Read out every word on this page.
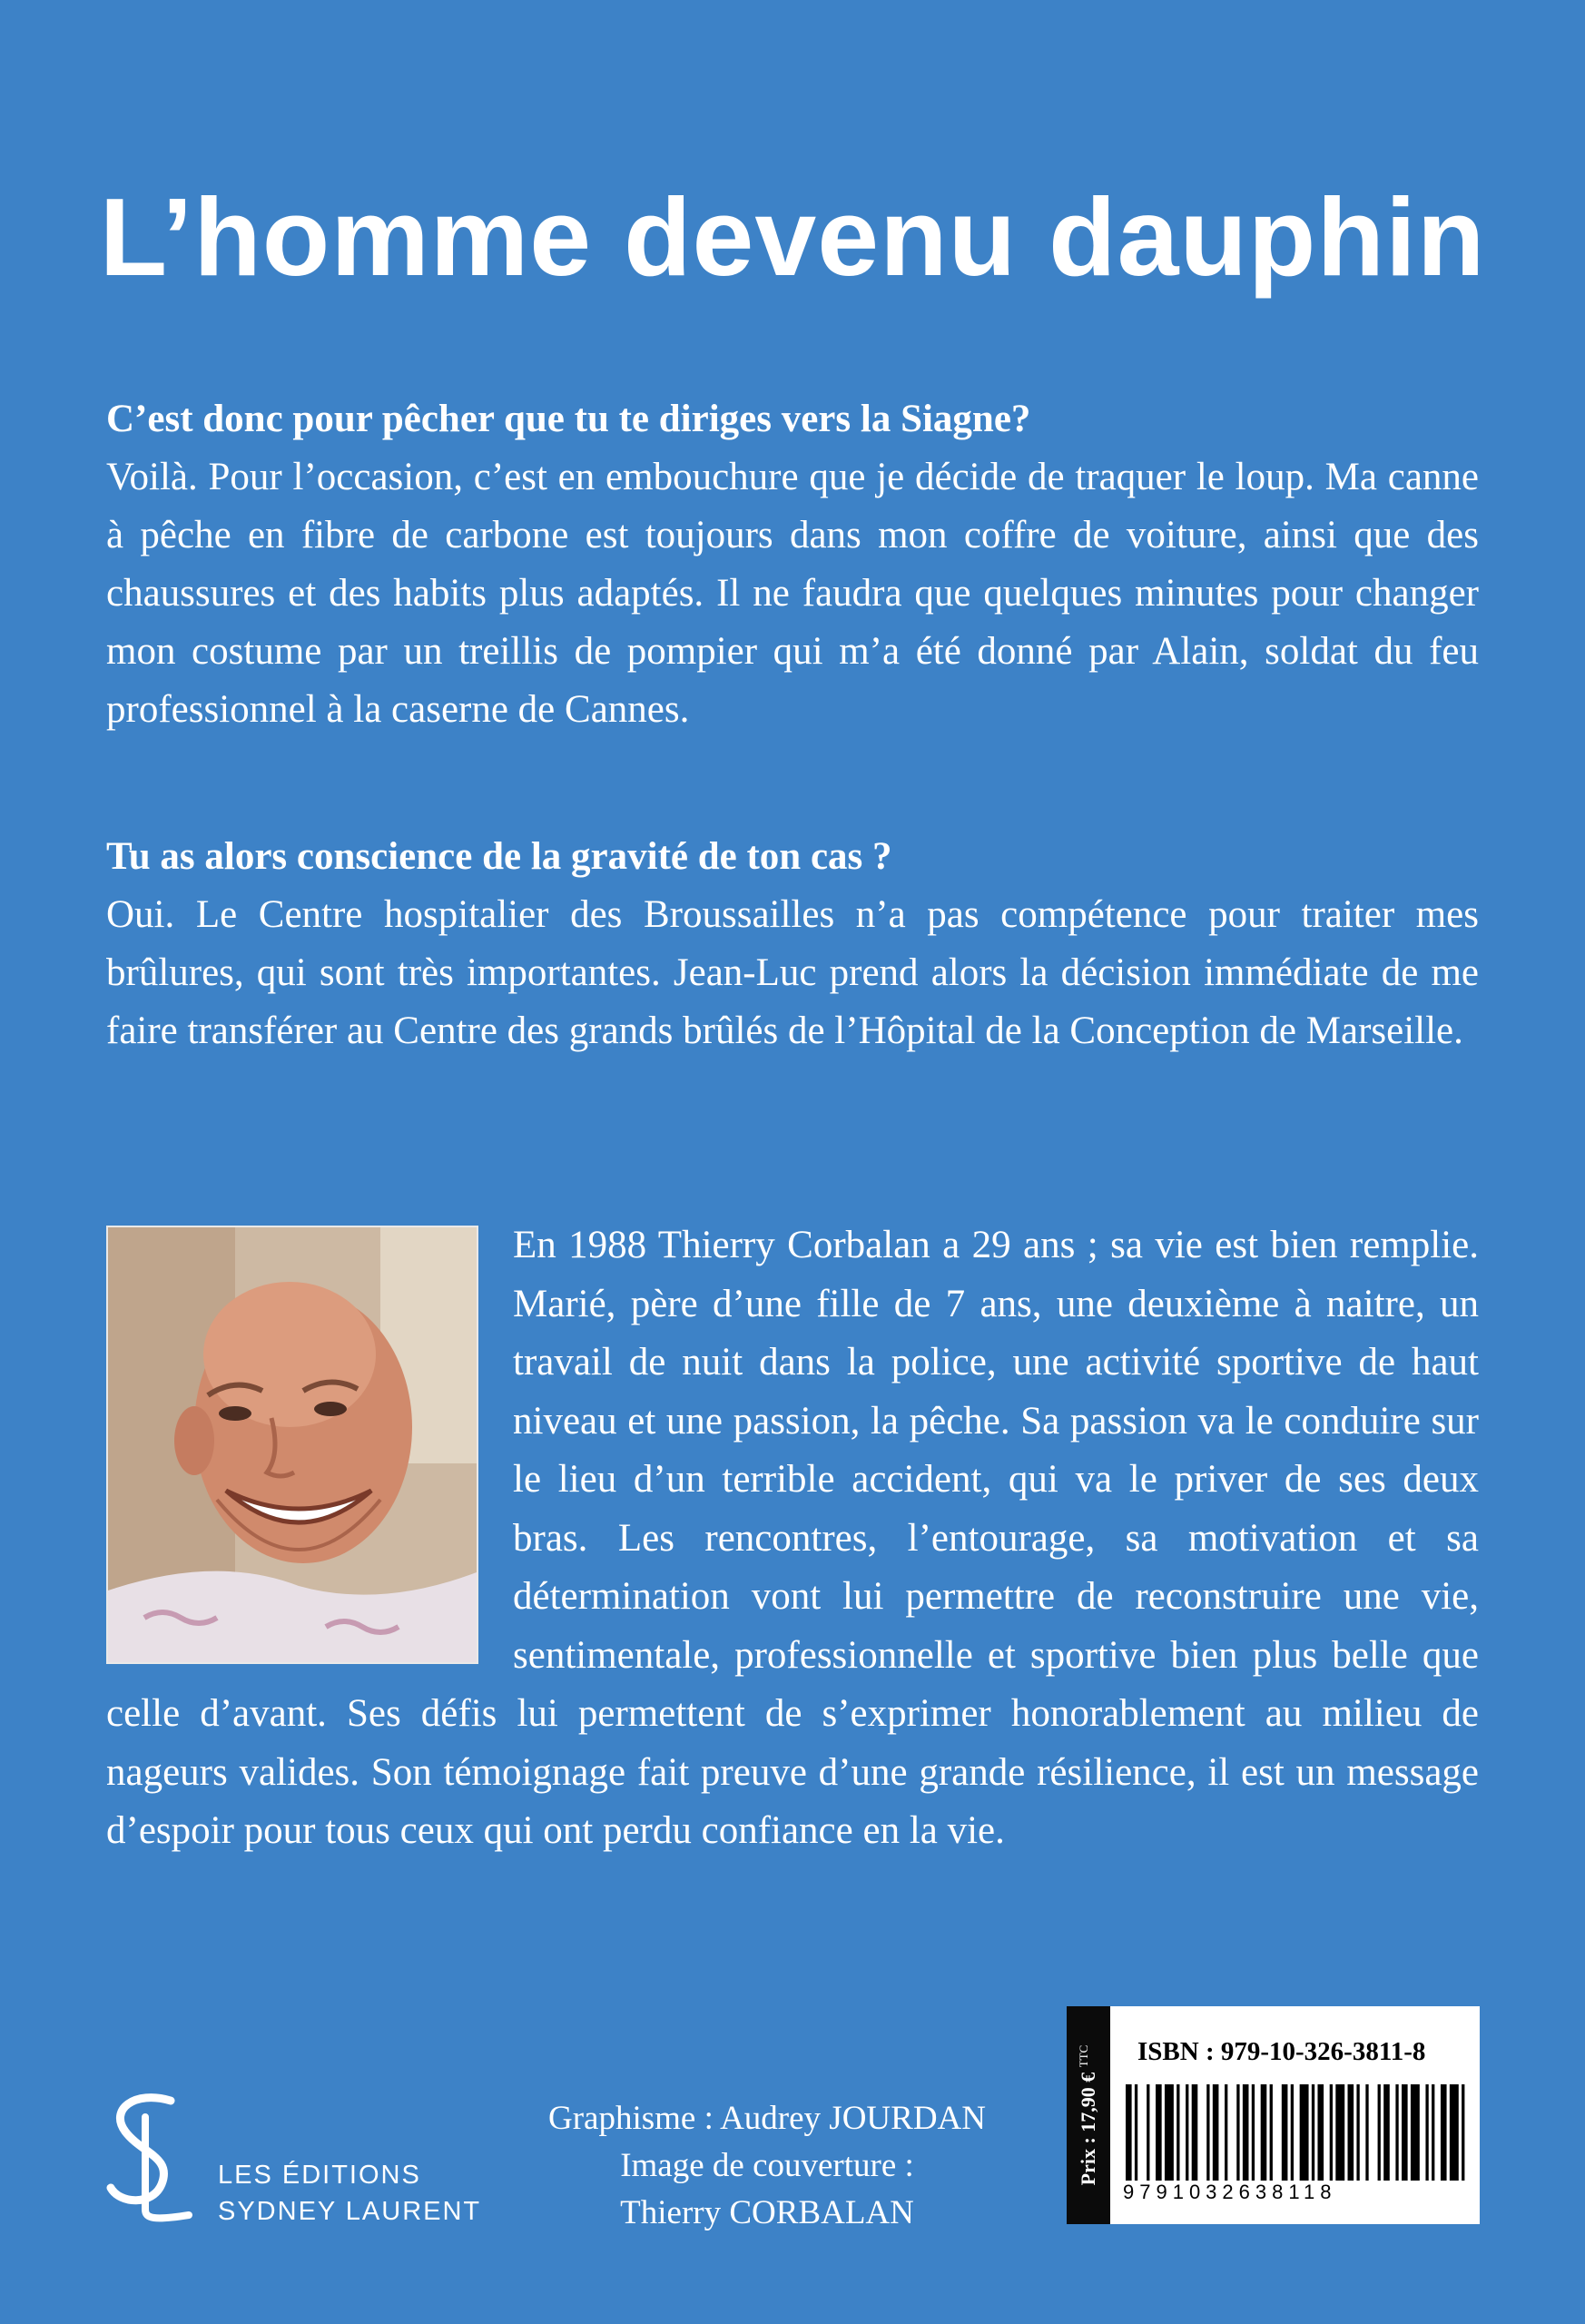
L’homme devenu dauphin

C’est donc pour pêcher que tu te diriges vers la Siagne?

Voilà. Pour l’occasion, c’est en embouchure que je décide de traquer le loup. Ma canne à pêche en fibre de carbone est toujours dans mon coffre de voiture, ainsi que des chaussures et des habits plus adaptés. Il ne faudra que quelques minutes pour changer mon costume par un treillis de pompier qui m’a été donné par Alain, soldat du feu professionnel à la caserne de Cannes.

Tu as alors conscience de la gravité de ton cas ?

Oui. Le Centre hospitalier des Broussailles n’a pas compétence pour traiter mes brûlures, qui sont très importantes. Jean-Luc prend alors la décision immédiate de me faire transférer au Centre des grands brûlés de l’Hôpital de la Conception de Marseille.

En 1988 Thierry Corbalan a 29 ans ; sa vie est bien remplie. Marié, père d’une fille de 7 ans, une deuxième à naitre, un travail de nuit dans la police, une activité sportive de haut niveau et une passion, la pêche. Sa passion va le conduire sur le lieu d’un terrible accident, qui va le priver de ses deux bras. Les rencontres, l’entourage, sa motivation et sa détermination vont lui permettre de reconstruire une vie, sentimentale, professionnelle et sportive bien plus belle que celle d’avant. Ses défis lui permettent de s’exprimer honorablement au milieu de nageurs valides. Son témoignage fait preuve d’une grande résilience, il est un message d’espoir pour tous ceux qui ont perdu confiance en la vie.

LES ÉDITIONS
SYDNEY LAURENT
Graphisme : Audrey JOURDAN
Image de couverture :
Thierry CORBALAN
Prix : 17,90 € $^{TTC}$	ISBN : 979-10-326-3811-8
9791032638118
